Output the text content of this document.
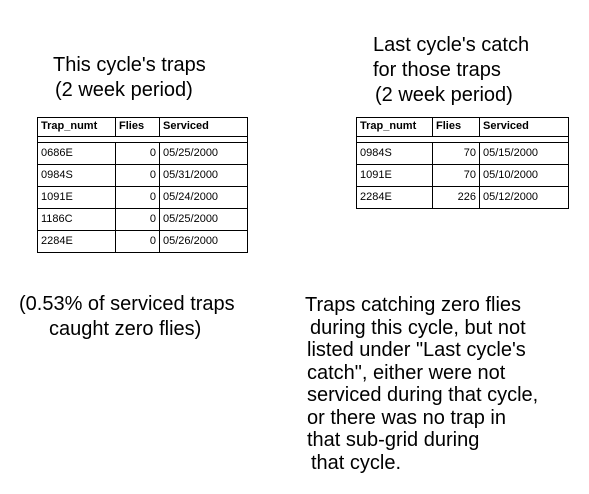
This cycle's traps
(2 week period)
Last cycle's catch
for those traps
(2 week period)
Trap_numt	Flies	Serviced
0686E	0 05/25/2000
0984S	0 05/31/2000
1091E	0 05/24/2000
1186C	0 05/25/2000
2284E	0 05/26/2000
Trap_numt	Flies	Serviced
0984S	70 05/15/2000
1091E	70 05/10/2000
2284E	226 05/12/2000
(0.53% of serviced traps
caught zero flies)
Traps catching zero flies
during this cycle, but not
listed under "Last cycle's
catch", either were not
serviced during that cycle,
or there was no trap in
that sub-grid during
that cycle.
